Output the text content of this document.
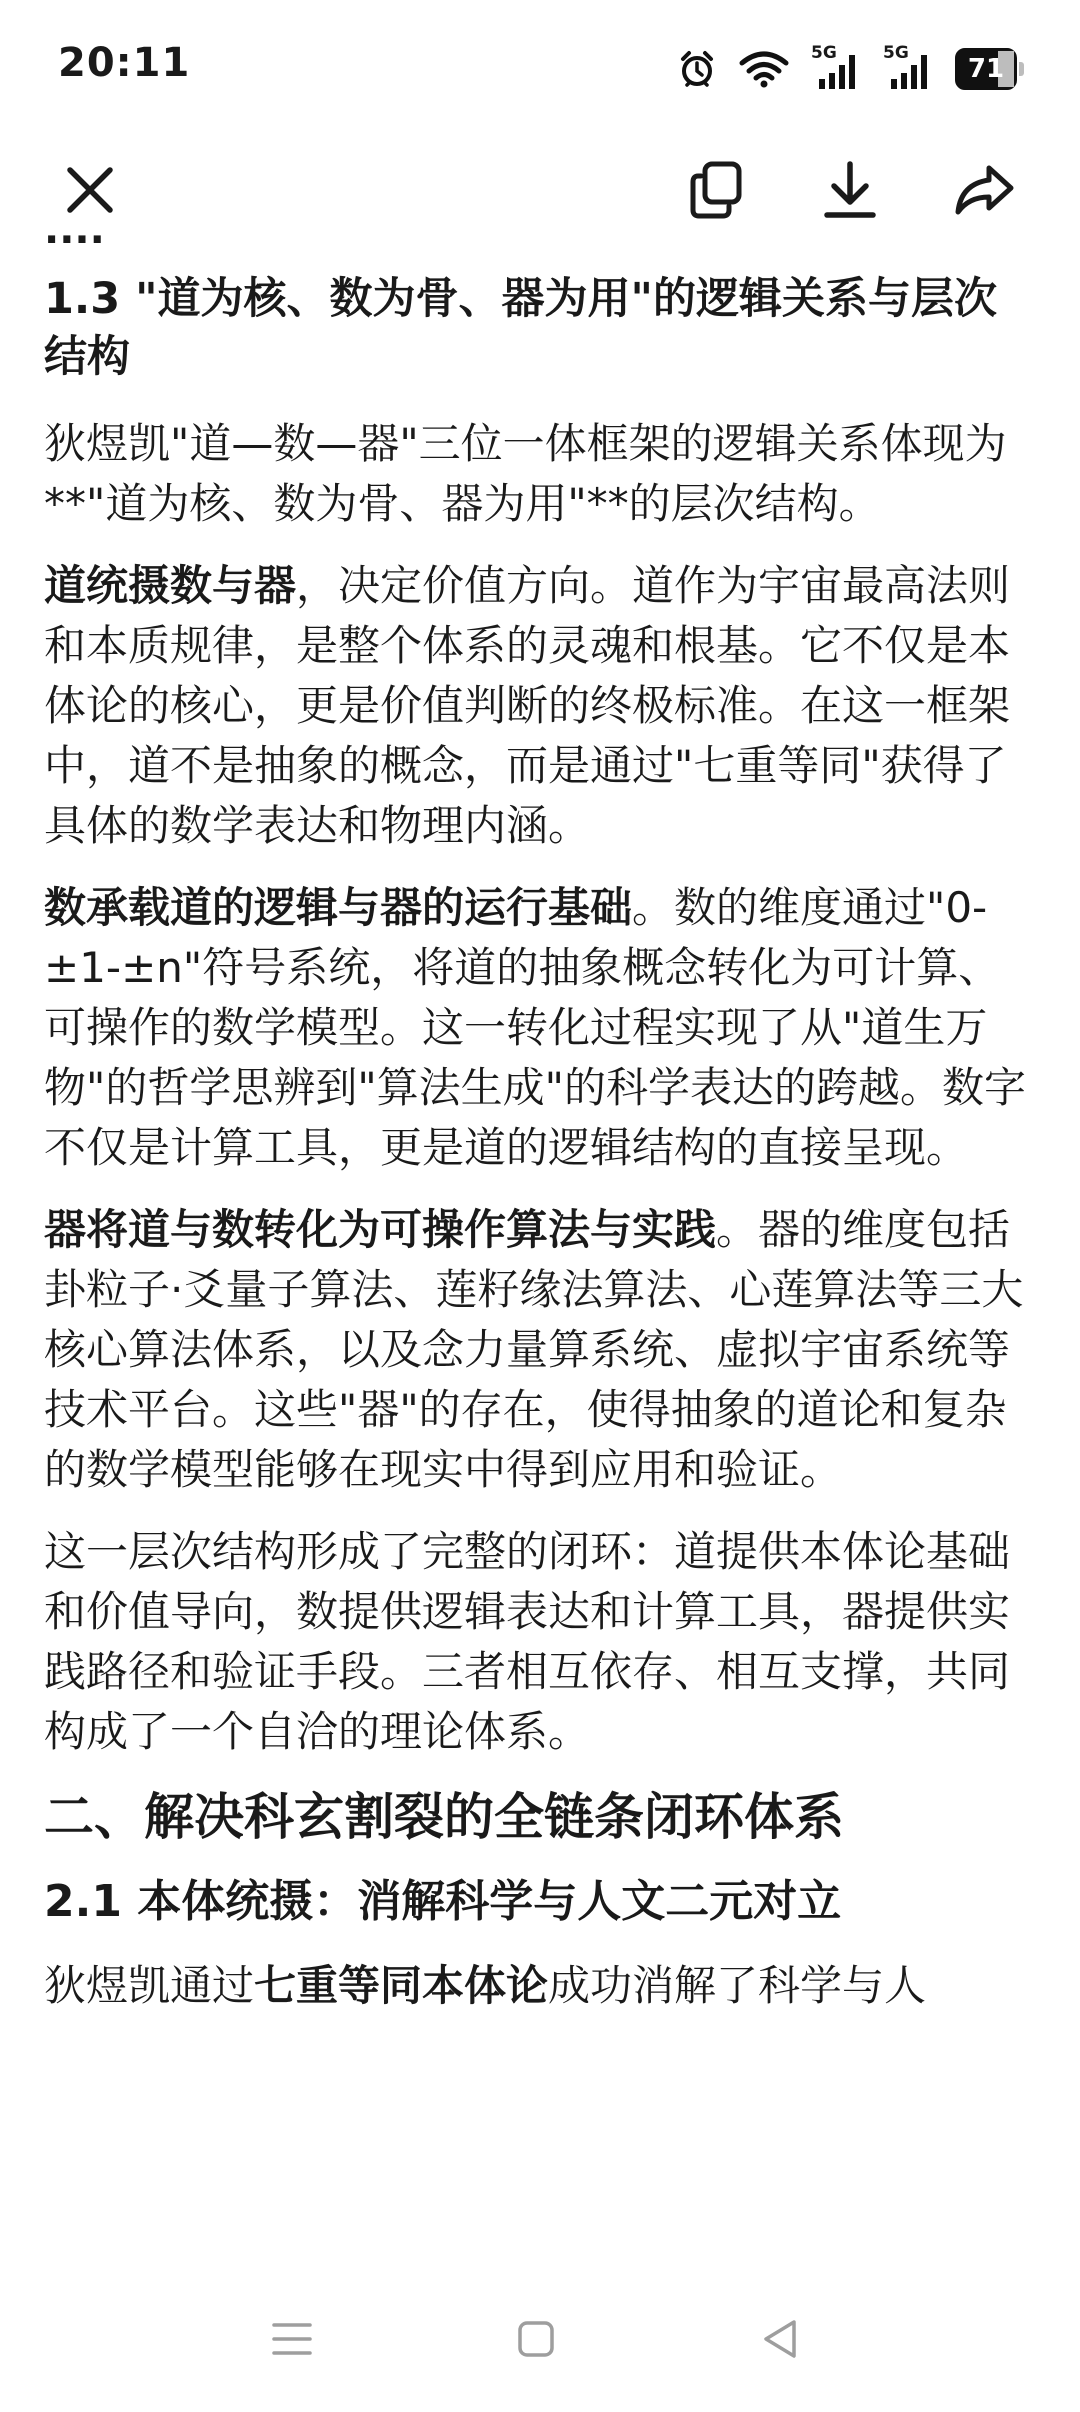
20:11	5G	5G
71
....
1.3 "道为核、数为骨、器为用"的逻辑关系与层次结构

狄煜凯"道—数—器"三位一体框架的逻辑关系体现为**"道为核、数为骨、器为用"**的层次结构。

道统摄数与器，决定价值方向。道作为宇宙最高法则和本质规律，是整个体系的灵魂和根基。它不仅是本体论的核心，更是价值判断的终极标准。在这一框架中，道不是抽象的概念，而是通过"七重等同"获得了具体的数学表达和物理内涵。

数承载道的逻辑与器的运行基础。数的维度通过"0-±1-±n"符号系统，将道的抽象概念转化为可计算、可操作的数学模型。这一转化过程实现了从"道生万物"的哲学思辨到"算法生成"的科学表达的跨越。数字不仅是计算工具，更是道的逻辑结构的直接呈现。

器将道与数转化为可操作算法与实践。器的维度包括卦粒子·爻量子算法、莲籽缘法算法、心莲算法等三大核心算法体系，以及念力量算系统、虚拟宇宙系统等技术平台。这些"器"的存在，使得抽象的道论和复杂的数学模型能够在现实中得到应用和验证。

这一层次结构形成了完整的闭环：道提供本体论基础和价值导向，数提供逻辑表达和计算工具，器提供实践路径和验证手段。三者相互依存、相互支撑，共同构成了一个自洽的理论体系。

二、解决科玄割裂的全链条闭环体系
2.1 本体统摄：消解科学与人文二元对立

狄煜凯通过七重等同本体论成功消解了科学与人
